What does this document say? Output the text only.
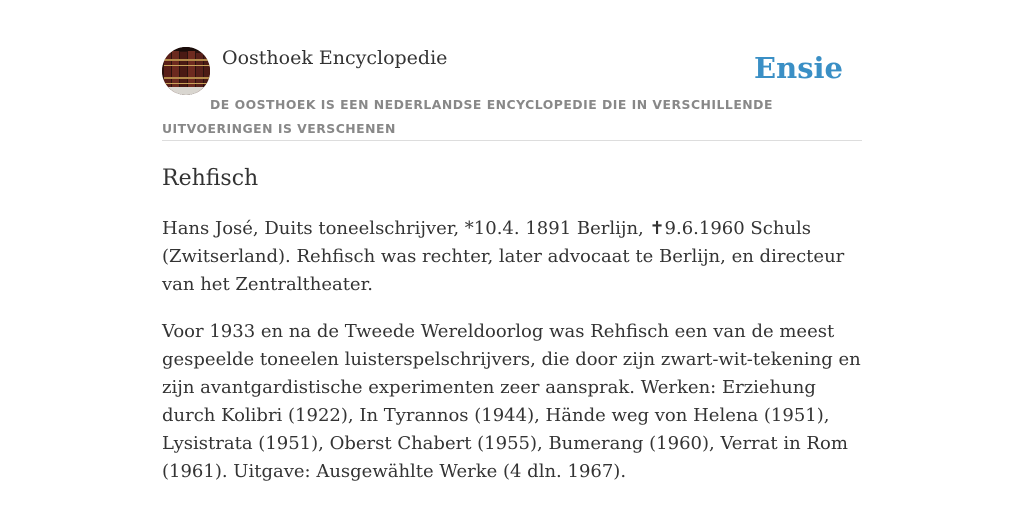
Oosthoek Encyclopedie	Ensie
DE OOSTHOEK IS EEN NEDERLANDSE ENCYCLOPEDIE DIE IN VERSCHILLENDE UITVOERINGEN IS VERSCHENEN
Rehfisch

Hans José, Duits toneelschrijver, *10.4. 1891 Berlijn, ✝9.6.1960 Schuls (Zwitserland). Rehfisch was rechter, later advocaat te Berlijn, en directeur van het Zentraltheater.

Voor 1933 en na de Tweede Wereldoorlog was Rehfisch een van de meest gespeelde toneelen luisterspelschrijvers, die door zijn zwart-wit-tekening en zijn avantgardistische experimenten zeer aansprak. Werken: Erziehung durch Kolibri (1922), In Tyrannos (1944), Hände weg von Helena (1951), Lysistrata (1951), Oberst Chabert (1955), Bumerang (1960), Verrat in Rom (1961). Uitgave: Ausgewählte Werke (4 dln. 1967).
